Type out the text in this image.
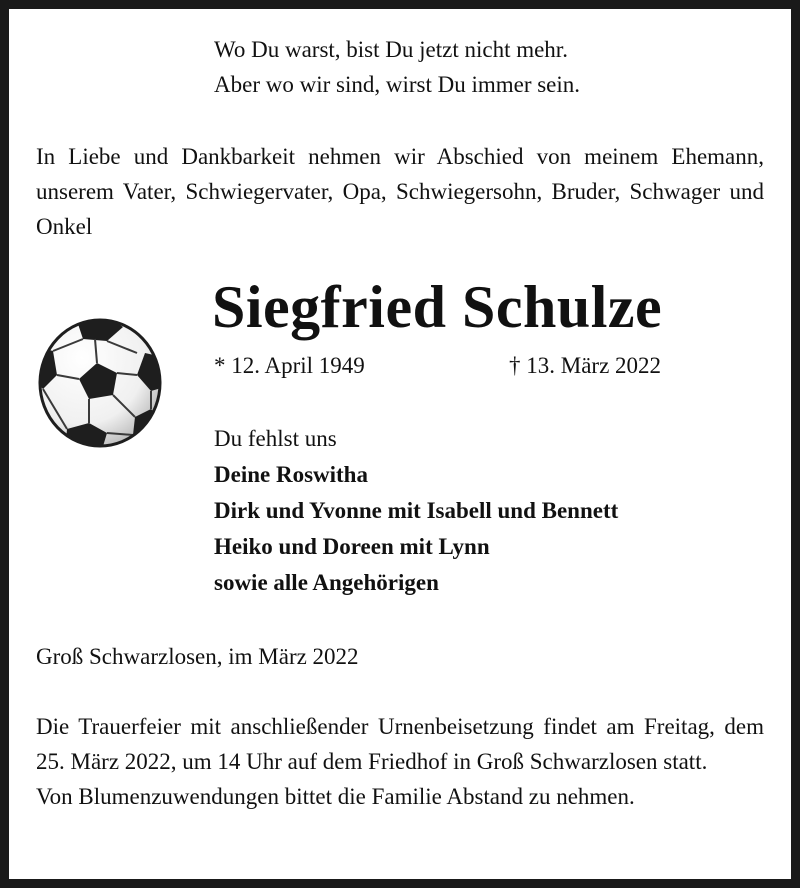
Wo Du warst, bist Du jetzt nicht mehr.
Aber wo wir sind, wirst Du immer sein.
In Liebe und Dankbarkeit nehmen wir Abschied von meinem Ehemann, unserem Vater, Schwiegervater, Opa, Schwiegersohn, Bruder, Schwager und Onkel
Siegfried Schulze
* 12. April 1949	† 13. März 2022
Du fehlst uns
Deine Roswitha
Dirk und Yvonne mit Isabell und Bennett
Heiko und Doreen mit Lynn
sowie alle Angehörigen
Groß Schwarzlosen, im März 2022
Die Trauerfeier mit anschließender Urnenbeisetzung findet am Freitag, dem 25. März 2022, um 14 Uhr auf dem Friedhof in Groß Schwarzlosen statt.
Von Blumenzuwendungen bittet die Familie Abstand zu nehmen.
